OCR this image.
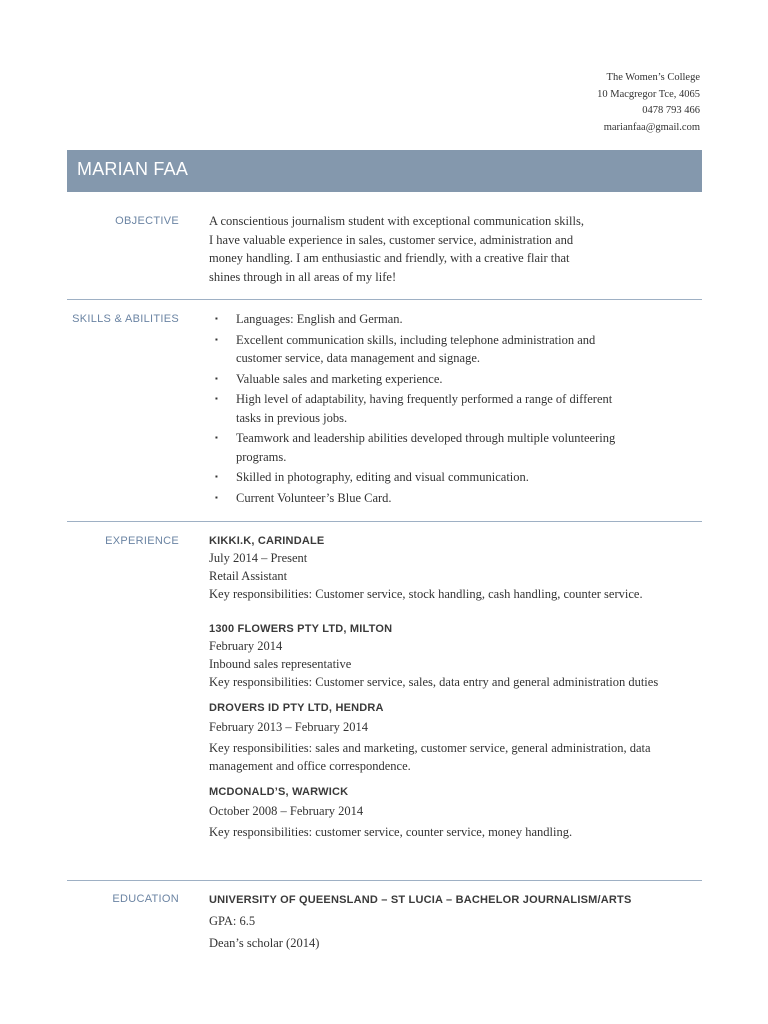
The Women’s College
10 Macgregor Tce, 4065
0478 793 466
marianfaa@gmail.com
MARIAN FAA
OBJECTIVE A conscientious journalism student with exceptional communication skills,
I have valuable experience in sales, customer service, administration and
money handling. I am enthusiastic and friendly, with a creative flair that
shines through in all areas of my life!
SKILLS & ABILITIES	▪ Languages: English and German.
▪ Excellent communication skills, including telephone administration and customer service, data management and signage.
▪ Valuable sales and marketing experience.
▪ High level of adaptability, having frequently performed a range of different tasks in previous jobs.
▪ Teamwork and leadership abilities developed through multiple volunteering programs.
▪ Skilled in photography, editing and visual communication.
▪ Current Volunteer’s Blue Card.
EXPERIENCE	KIKKI.K, CARINDALE
July 2014 – Present
Retail Assistant
Key responsibilities: Customer service, stock handling, cash handling, counter service.
1300 FLOWERS PTY LTD, MILTON
February 2014
Inbound sales representative
Key responsibilities: Customer service, sales, data entry and general administration duties
DROVERS ID PTY LTD, HENDRA
February 2013 – February 2014
Key responsibilities: sales and marketing, customer service, general administration, data management and office correspondence.
MCDONALD’S, WARWICK
October 2008 – February 2014
Key responsibilities: customer service, counter service, money handling.
EDUCATION	UNIVERSITY OF QUEENSLAND – ST LUCIA – BACHELOR JOURNALISM/ARTS
GPA: 6.5
Dean’s scholar (2014)
